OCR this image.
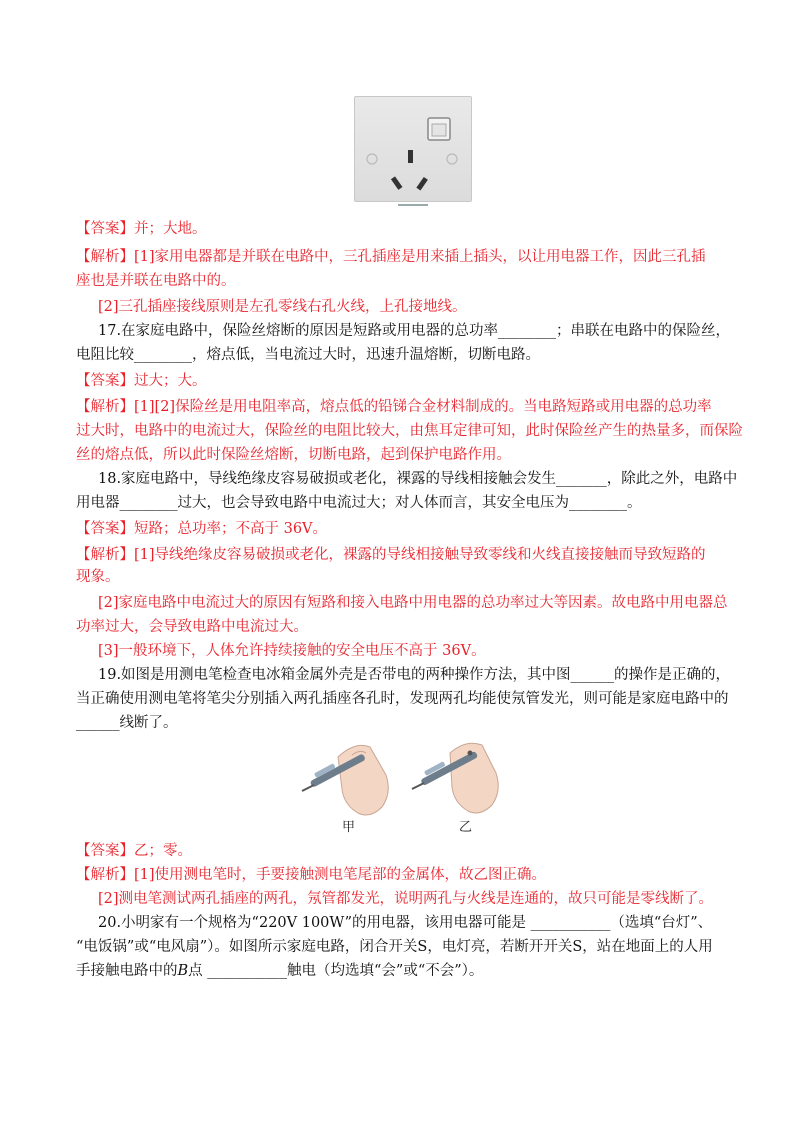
【答案】并；大地。
【解析】[1]家用电器都是并联在电路中，三孔插座是用来插上插头，以让用电器工作，因此三孔插
座也是并联在电路中的。
[2]三孔插座接线原则是左孔零线右孔火线，上孔接地线。
17.在家庭电路中，保险丝熔断的原因是短路或用电器的总功率________；串联在电路中的保险丝，
电阻比较________，熔点低，当电流过大时，迅速升温熔断，切断电路。
【答案】过大；大。
【解析】[1][2]保险丝是用电阻率高，熔点低的铅锑合金材料制成的。当电路短路或用电器的总功率
过大时，电路中的电流过大，保险丝的电阻比较大，由焦耳定律可知，此时保险丝产生的热量多，而保险
丝的熔点低，所以此时保险丝熔断，切断电路，起到保护电路作用。
18.家庭电路中，导线绝缘皮容易破损或老化，裸露的导线相接触会发生_______，除此之外，电路中
用电器________过大，也会导致电路中电流过大；对人体而言，其安全电压为________。
【答案】短路；总功率；不高于 36V。
【解析】[1]导线绝缘皮容易破损或老化，裸露的导线相接触导致零线和火线直接接触而导致短路的
现象。
[2]家庭电路中电流过大的原因有短路和接入电路中用电器的总功率过大等因素。故电路中用电器总
功率过大，会导致电路中电流过大。
[3]一般环境下，人体允许持续接触的安全电压不高于 36V。
19.如图是用测电笔检查电冰箱金属外壳是否带电的两种操作方法，其中图______的操作是正确的，
当正确使用测电笔将笔尖分别插入两孔插座各孔时，发现两孔均能使氖管发光，则可能是家庭电路中的
______线断了。
甲	乙
【答案】乙；零。
【解析】[1]使用测电笔时，手要接触测电笔尾部的金属体，故乙图正确。
[2]测电笔测试两孔插座的两孔，氖管都发光，说明两孔与火线是连通的，故只可能是零线断了。
20.小明家有一个规格为“220V 100W”的用电器，该用电器可能是 ___________（选填“台灯”、
“电饭锅”或“电风扇”）。如图所示家庭电路，闭合开关S，电灯亮，若断开开关S，站在地面上的人用
手接触电路中的B点 ___________触电（均选填“会”或“不会”）。
